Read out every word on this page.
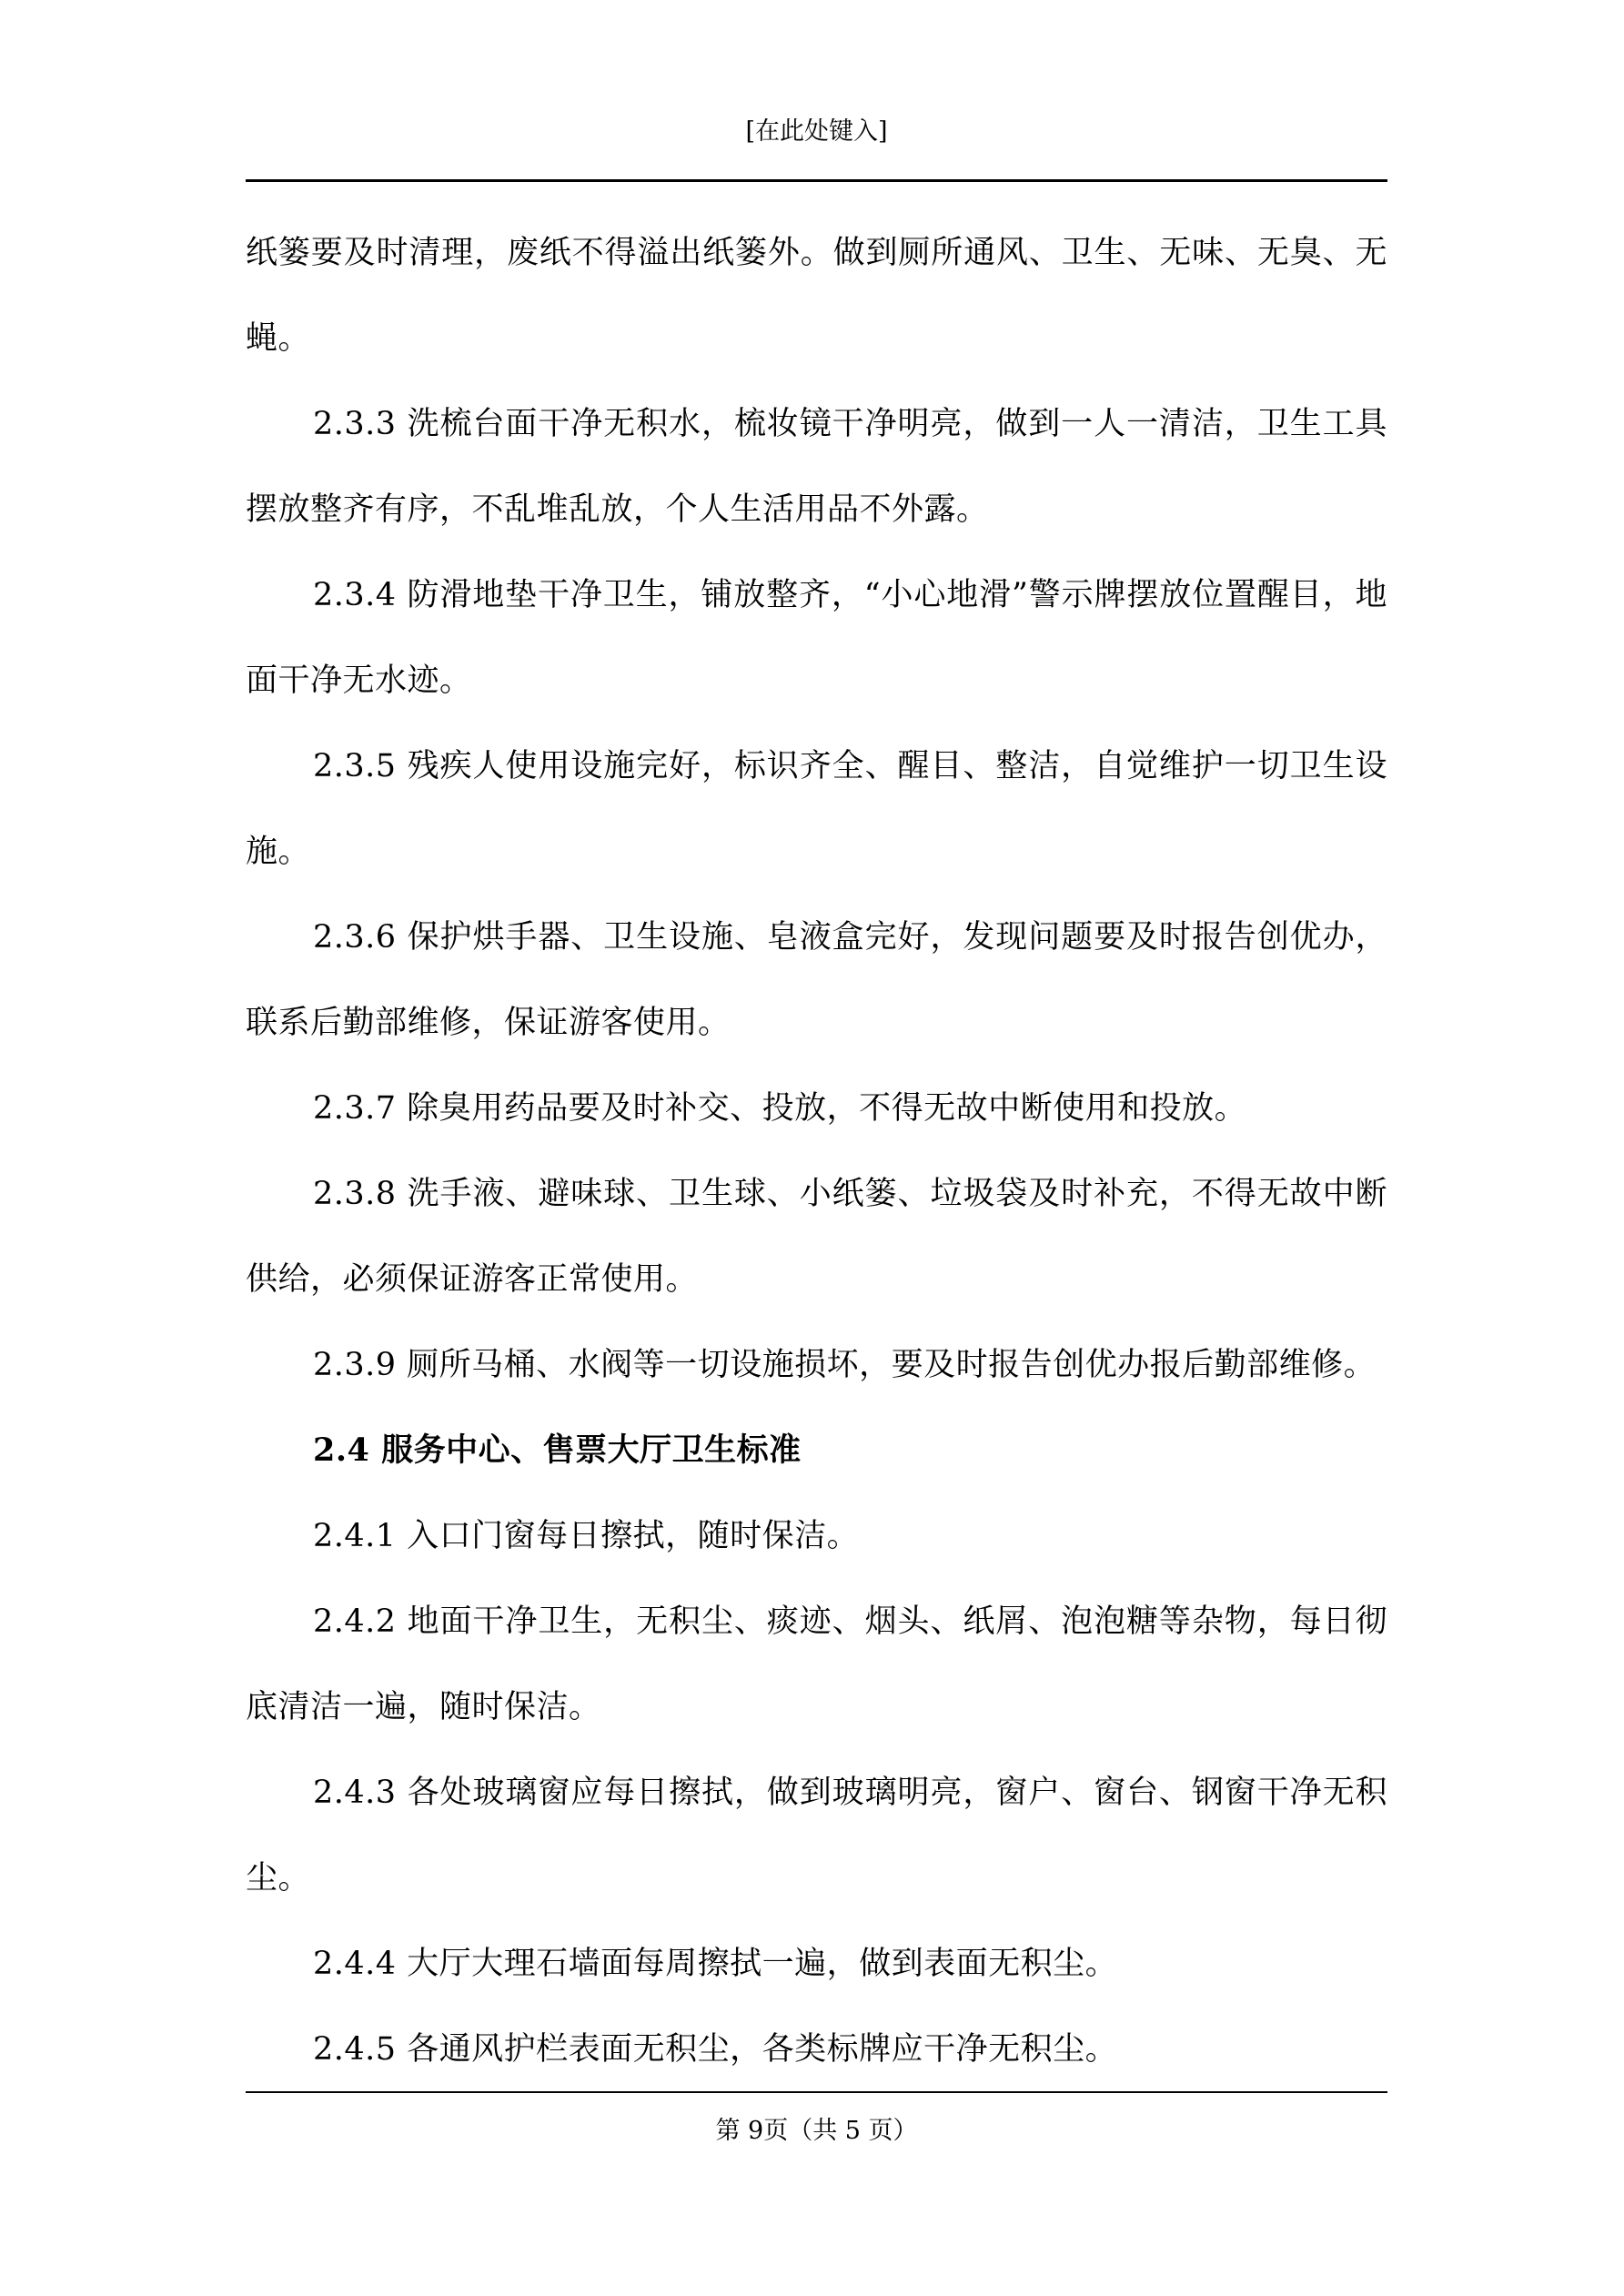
[在此处键入]

纸篓要及时清理，废纸不得溢出纸篓外。做到厕所通风、卫生、无味、无臭、无蝇。

2.3.3 洗梳台面干净无积水，梳妆镜干净明亮，做到一人一清洁，卫生工具摆放整齐有序，不乱堆乱放，个人生活用品不外露。

2.3.4 防滑地垫干净卫生，铺放整齐，“小心地滑”警示牌摆放位置醒目，地面干净无水迹。

2.3.5 残疾人使用设施完好，标识齐全、醒目、整洁，自觉维护一切卫生设施。

2.3.6 保护烘手器、卫生设施、皂液盒完好，发现问题要及时报告创优办，联系后勤部维修，保证游客使用。

2.3.7 除臭用药品要及时补交、投放，不得无故中断使用和投放。

2.3.8 洗手液、避味球、卫生球、小纸篓、垃圾袋及时补充，不得无故中断供给，必须保证游客正常使用。

2.3.9 厕所马桶、水阀等一切设施损坏，要及时报告创优办报后勤部维修。

2.4 服务中心、售票大厅卫生标准

2.4.1 入口门窗每日擦拭，随时保洁。

2.4.2 地面干净卫生，无积尘、痰迹、烟头、纸屑、泡泡糖等杂物，每日彻底清洁一遍，随时保洁。

2.4.3 各处玻璃窗应每日擦拭，做到玻璃明亮，窗户、窗台、钢窗干净无积尘。

2.4.4 大厅大理石墙面每周擦拭一遍，做到表面无积尘。

2.4.5 各通风护栏表面无积尘，各类标牌应干净无积尘。

第 9页（共 5 页）
